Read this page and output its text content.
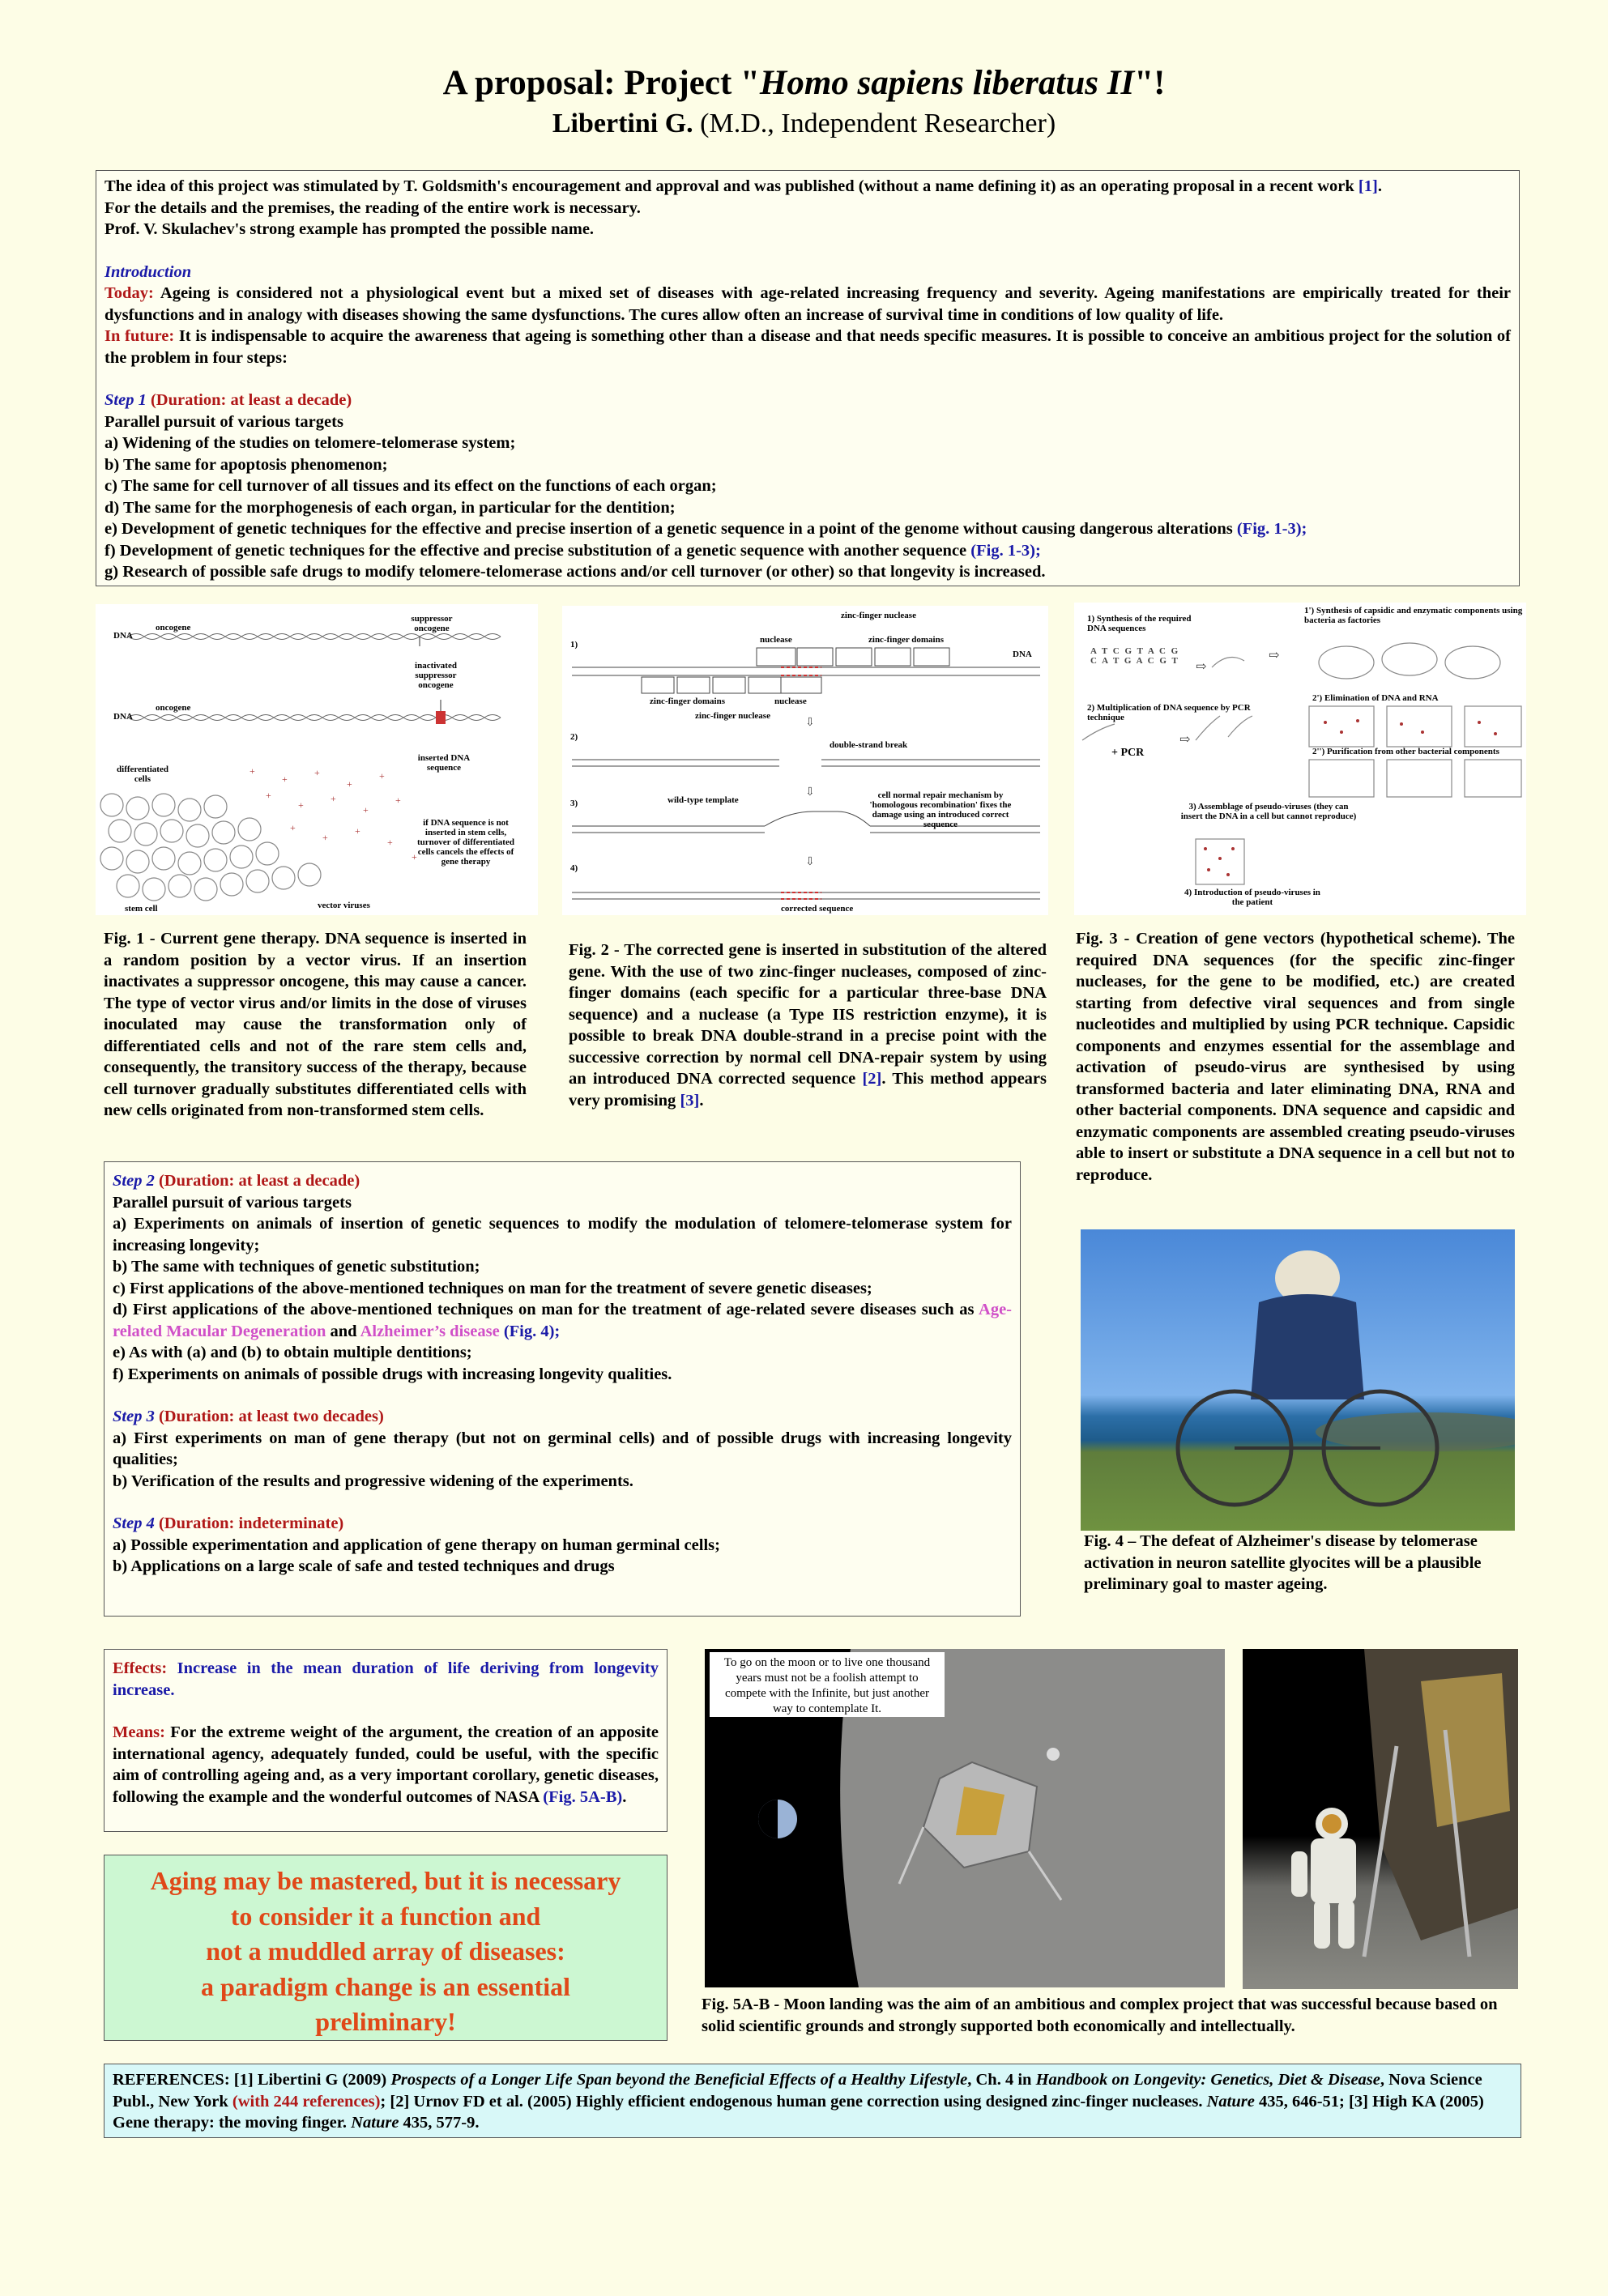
A proposal: Project "Homo sapiens liberatus II"!
Libertini G. (M.D., Independent Researcher)

The idea of this project was stimulated by T. Goldsmith's encouragement and approval and was published (without a name defining it) as an operating proposal in a recent work [1].

For the details and the premises, the reading of the entire work is necessary.

Prof. V. Skulachev's strong example has prompted the possible name.

Introduction

Today: Ageing is considered not a physiological event but a mixed set of diseases with age-related increasing frequency and severity. Ageing manifestations are empirically treated for their dysfunctions and in analogy with diseases showing the same dysfunctions. The cures allow often an increase of survival time in conditions of low quality of life.

In future: It is indispensable to acquire the awareness that ageing is something other than a disease and that needs specific measures. It is possible to conceive an ambitious project for the solution of the problem in four steps:

Step 1 (Duration: at least a decade)

Parallel pursuit of various targets

a) Widening of the studies on telomere-telomerase system;

b) The same for apoptosis phenomenon;

c) The same for cell turnover of all tissues and its effect on the functions of each organ;

d) The same for the morphogenesis of each organ, in particular for the dentition;

e) Development of genetic techniques for the effective and precise insertion of a genetic sequence in a point of the genome without causing dangerous alterations (Fig. 1-3);

f) Development of genetic techniques for the effective and precise substitution of a genetic sequence with another sequence (Fig. 1-3);

g) Research of possible safe drugs to modify telomere-telomerase actions and/or cell turnover (or other) so that longevity is increased.

+
+
+
+
+
+
+
+
+
+
+
+
+
+
+
DNA
oncogene
suppressor oncogene
DNA
oncogene
inactivated suppressor oncogene
inserted DNA sequence
differentiated cells
if DNA sequence is not inserted in stem cells, turnover of differentiated cells cancels the effects of gene therapy
stem cell	vector viruses
Fig. 1 - Current gene therapy. DNA sequence is inserted in a random position by a vector virus. If an insertion inactivates a suppressor oncogene, this may cause a cancer. The type of vector virus and/or limits in the dose of viruses inoculated may cause the transformation only of differentiated cells and not of the rare stem cells and, consequently, the transitory success of the therapy, because cell turnover gradually substitutes differentiated cells with new cells originated from non-transformed stem cells.
⇩
⇩
⇩
zinc-finger nuclease
nuclease	zinc-finger domains
DNA
1)
zinc-finger domains	nuclease
zinc-finger nuclease
2)
double-strand break
3)	wild-type template	cell normal repair mechanism by 'homologous recombination' fixes the damage using an introduced correct sequence
4)
corrected sequence
Fig. 2 - The corrected gene is inserted in substitution of the altered gene. With the use of two zinc-finger nucleases, composed of zinc-finger domains (each specific for a particular three-base DNA sequence) and a nuclease (a Type IIS restriction enzyme), it is possible to break DNA double-strand in a precise point with the successive correction by normal cell DNA-repair system by using an introduced DNA corrected sequence [2]. This method appears very promising [3].
⇨
⇨
⇨
1) Synthesis of the required DNA sequences
A T C G T A C G C A T G A C G T
1') Synthesis of capsidic and enzymatic components using bacteria as factories
2') Elimination of DNA and RNA
2) Multiplication of DNA sequence by PCR technique
+ PCR	2'') Purification from other bacterial components
3) Assemblage of pseudo-viruses (they can insert the DNA in a cell but cannot reproduce)
4) Introduction of pseudo-viruses in the patient
Fig. 3 - Creation of gene vectors (hypothetical scheme). The required DNA sequences (for the specific zinc-finger nucleases, for the gene to be modified, etc.) are created starting from defective viral sequences and from single nucleotides and multiplied by using PCR technique. Capsidic components and enzymes essential for the assemblage and activation of pseudo-virus are synthesised by using transformed bacteria and later eliminating DNA, RNA and other bacterial components. DNA sequence and capsidic and enzymatic components are assembled creating pseudo-viruses able to insert or substitute a DNA sequence in a cell but not to reproduce.

Step 2 (Duration: at least a decade)

Parallel pursuit of various targets

a) Experiments on animals of insertion of genetic sequences to modify the modulation of telomere-telomerase system for increasing longevity;

b) The same with techniques of genetic substitution;

c) First applications of the above-mentioned techniques on man for the treatment of severe genetic diseases;

d) First applications of the above-mentioned techniques on man for the treatment of age-related severe diseases such as Age-related Macular Degeneration and Alzheimer’s disease (Fig. 4);

e) As with (a) and (b) to obtain multiple dentitions;

f) Experiments on animals of possible drugs with increasing longevity qualities.

Step 3 (Duration: at least two decades)

a) First experiments on man of gene therapy (but not on germinal cells) and of possible drugs with increasing longevity qualities;

b) Verification of the results and progressive widening of the experiments.

Step 4 (Duration: indeterminate)

a) Possible experimentation and application of gene therapy on human germinal cells;

b) Applications on a large scale of safe and tested techniques and drugs

Fig. 4 – The defeat of Alzheimer's disease by telomerase activation in neuron satellite glyocites will be a plausible preliminary goal to master ageing.

Effects: Increase in the mean duration of life deriving from longevity increase.

Means: For the extreme weight of the argument, the creation of an apposite international agency, adequately funded, could be useful, with the specific aim of controlling ageing and, as a very important corollary, genetic diseases, following the example and the wonderful outcomes of NASA (Fig. 5A-B).

Aging may be mastered, but it is necessary
to consider it a function and
not a muddled array of diseases:
a paradigm change is an essential
preliminary!
To go on the moon or to live one thousand years must not be a foolish attempt to compete with the Infinite, but just another way to contemplate It.
Fig. 5A-B - Moon landing was the aim of an ambitious and complex project that was successful because based on solid scientific grounds and strongly supported both economically and intellectually.
REFERENCES: [1] Libertini G (2009) Prospects of a Longer Life Span beyond the Beneficial Effects of a Healthy Lifestyle, Ch. 4 in Handbook on Longevity: Genetics, Diet & Disease, Nova Science Publ., New York (with 244 references); [2] Urnov FD et al. (2005) Highly efficient endogenous human gene correction using designed zinc-finger nucleases. Nature 435, 646-51; [3] High KA (2005) Gene therapy: the moving finger. Nature 435, 577-9.
